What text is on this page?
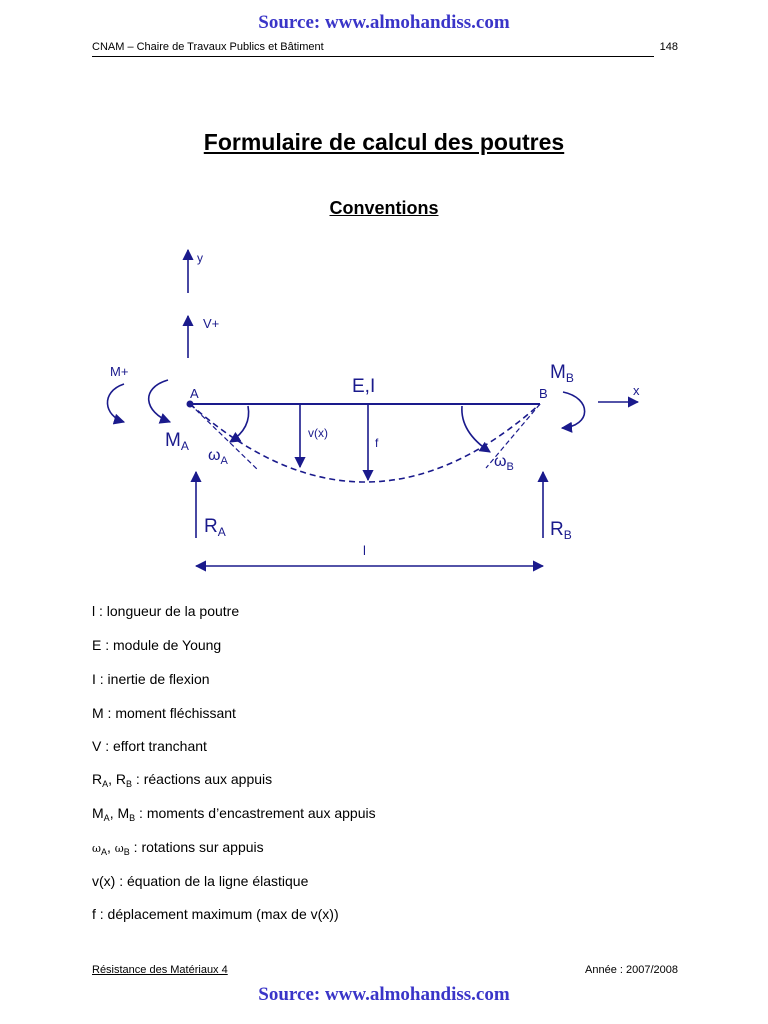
Source: www.almohandiss.com
CNAM – Chaire de Travaux Publics et Bâtiment	148
Formulaire de calcul des poutres
Conventions
y
V+
M+
A	B
E,I	x
v(x)
f
l
$M_B$
$M_A$
$\omega_A$	$\omega_B$
$R_A$	$R_B$
l : longueur de la poutre
E : module de Young
I : inertie de flexion
M : moment fléchissant
V : effort tranchant
$R_A$, $R_B$ : réactions aux appuis
$M_A$, $M_B$ : moments d’encastrement aux appuis
$\omega_A$, $\omega_B$ : rotations sur appuis
v(x) : équation de la ligne élastique
f : déplacement maximum (max de v(x))
Résistance des Matériaux 4	Année : 2007/2008
Source: www.almohandiss.com
